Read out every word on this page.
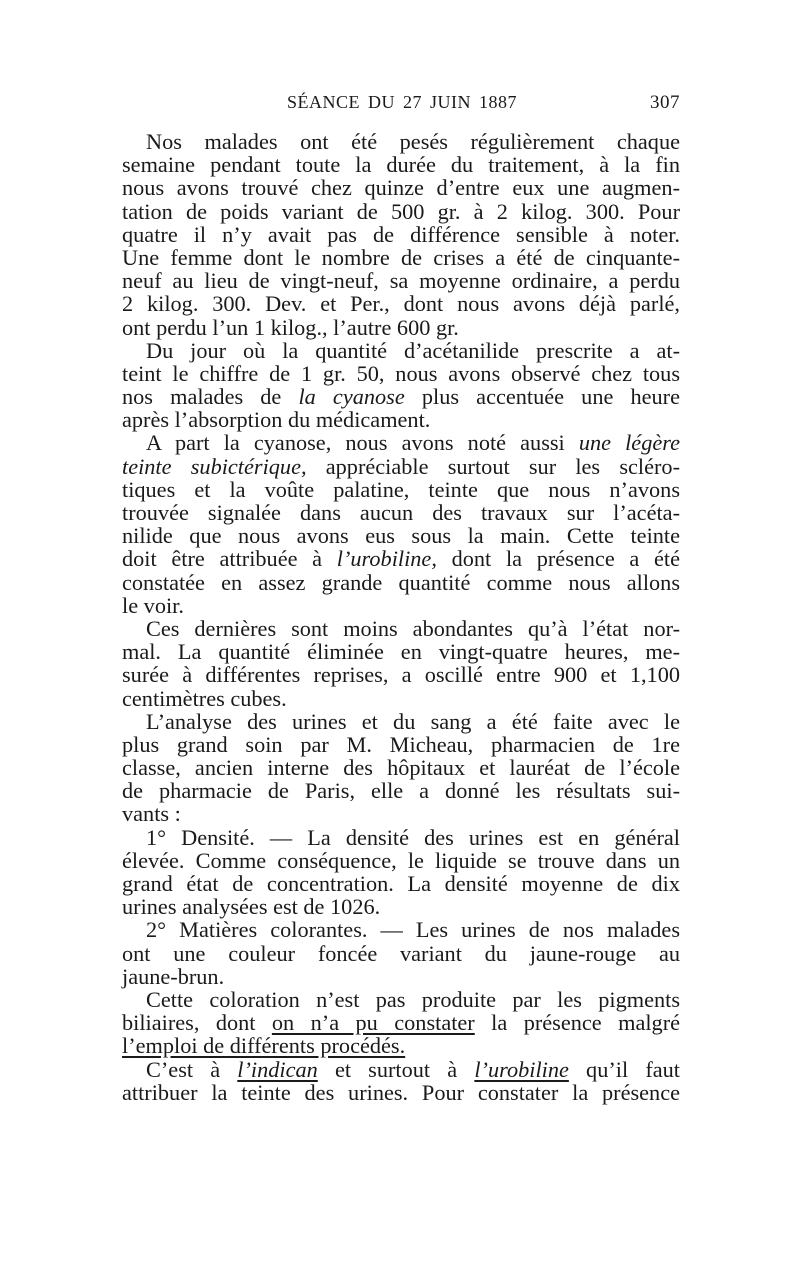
SÉANCE DU 27 JUIN 1887	307
Nos malades ont été pesés régulièrement chaque
semaine pendant toute la durée du traitement, à la fin
nous avons trouvé chez quinze d’entre eux une augmen-
tation de poids variant de 500 gr. à 2 kilog. 300. Pour
quatre il n’y avait pas de différence sensible à noter.
Une femme dont le nombre de crises a été de cinquante-
neuf au lieu de vingt-neuf, sa moyenne ordinaire, a perdu
2 kilog. 300. Dev. et Per., dont nous avons déjà parlé,
ont perdu l’un 1 kilog., l’autre 600 gr.
Du jour où la quantité d’acétanilide prescrite a at-
teint le chiffre de 1 gr. 50, nous avons observé chez tous
nos malades de la cyanose plus accentuée une heure
après l’absorption du médicament.
A part la cyanose, nous avons noté aussi une légère
teinte subictérique, appréciable surtout sur les scléro-
tiques et la voûte palatine, teinte que nous n’avons
trouvée signalée dans aucun des travaux sur l’acéta-
nilide que nous avons eus sous la main. Cette teinte
doit être attribuée à l’urobiline, dont la présence a été
constatée en assez grande quantité comme nous allons
le voir.
Ces dernières sont moins abondantes qu’à l’état nor-
mal. La quantité éliminée en vingt-quatre heures, me-
surée à différentes reprises, a oscillé entre 900 et 1,100
centimètres cubes.
L’analyse des urines et du sang a été faite avec le
plus grand soin par M. Micheau, pharmacien de 1re
classe, ancien interne des hôpitaux et lauréat de l’école
de pharmacie de Paris, elle a donné les résultats sui-
vants :
1° Densité. — La densité des urines est en général
élevée. Comme conséquence, le liquide se trouve dans un
grand état de concentration. La densité moyenne de dix
urines analysées est de 1026.
2° Matières colorantes. — Les urines de nos malades
ont une couleur foncée variant du jaune-rouge au
jaune-brun.
Cette coloration n’est pas produite par les pigments
biliaires, dont on n’a pu constater la présence malgré
l’emploi de différents procédés.
C’est à l’indican et surtout à l’urobiline qu’il faut
attribuer la teinte des urines. Pour constater la présence
